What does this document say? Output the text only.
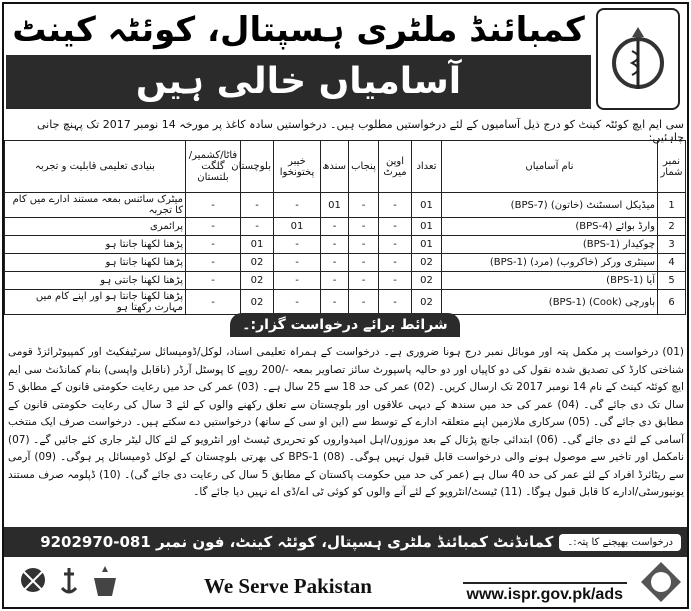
کمبائنڈ ملٹری ہسپتال، کوئٹہ کینٹ
آسامیاں خالی ہیں
سی ایم ایچ کوئٹہ کینٹ کو درج ذیل آسامیوں کے لئے درخواستیں مطلوب ہیں۔ درخواستیں سادہ کاغذ پر مورخہ 14 نومبر 2017 تک پہنچ جانی چاہئیں:۔
نمبر شمار	نام آسامیاں	تعداد	اوپن میرٹ	پنجاب	سندھ	خیبر پختونخوا	بلوچستان	فاٹا/کشمیر/ گلگت بلتستان	بنیادی تعلیمی قابلیت و تجربہ
1	میڈیکل اسسٹنٹ (خاتون) (BPS-7)	01	-	-	01	-	-	-	میٹرک سائنس بمعہ مستند ادارے میں کام کا تجربہ
2	وارڈ بوائے (BPS-4)	01	-	-	-	01	-	-	پرائمری
3	چوکیدار (BPS-1)	01	-	-	-	-	01	-	پڑھنا لکھنا جانتا ہو
4	سینٹری ورکر (خاکروب) (مرد) (BPS-1)	02	-	-	-	-	02	-	پڑھنا لکھنا جانتا ہو
5	آیا (BPS-1)	02	-	-	-	-	02	-	پڑھنا لکھنا جانتی ہو
6	باورچی (Cook) (BPS-1)	02	-	-	-	-	02	-	پڑھنا لکھنا جانتا ہو اور اپنے کام میں مہارت رکھتا ہو
شرائط برائے درخواست گزار:۔
(01) درخواست پر مکمل پتہ اور موبائل نمبر درج ہونا ضروری ہے۔ درخواست کے ہمراہ تعلیمی اسناد، لوکل/ڈومیسائل سرٹیفکیٹ اور کمپیوٹرائزڈ قومی شناختی کارڈ کی تصدیق شدہ نقول کی دو کاپیاں اور دو حالیہ پاسپورٹ سائز تصاویر بمعہ -/200 روپے کا پوسٹل آرڈر (ناقابل واپسی) بنام کمانڈنٹ سی ایم ایچ کوئٹہ کینٹ کے نام 14 نومبر 2017 تک ارسال کریں۔ (02) عمر کی حد 18 سے 25 سال ہے۔ (03) عمر کی حد میں رعایت حکومتی قانون کے مطابق 5 سال تک دی جائے گی۔ (04) عمر کی حد میں سندھ کے دیہی علاقوں اور بلوچستان سے تعلق رکھنے والوں کے لئے 3 سال کی رعایت حکومتی قانون کے مطابق دی جائے گی۔ (05) سرکاری ملازمین اپنے متعلقہ ادارے کے توسط سے (این او سی کے ساتھ) درخواستیں دے سکتے ہیں۔ درخواست صرف ایک منتخب آسامی کے لئے دی جائے گی۔ (06) ابتدائی جانچ پڑتال کے بعد موزوں/اہل امیدواروں کو تحریری ٹیسٹ اور انٹرویو کے لئے کال لیٹر جاری کئے جائیں گے۔ (07) نامکمل اور تاخیر سے موصول ہونے والی درخواست قابل قبول نہیں ہوگی۔ (08) BPS-1 کی بھرتی بلوچستان کے لوکل ڈومیسائل پر ہوگی۔ (09) آرمی سے ریٹائرڈ افراد کے لئے عمر کی حد 40 سال ہے (عمر کی حد میں حکومت پاکستان کے مطابق 5 سال کی رعایت دی جائے گی)۔ (10) ڈپلومہ صرف مستند یونیورسٹی/ادارے کا قابل قبول ہوگا۔ (11) ٹیسٹ/انٹرویو کے لئے آنے والوں کو کوئی ٹی اے/ڈی اے نہیں دیا جائے گا۔
درخواست بھیجنے کا پتہ:۔
کمانڈنٹ کمبائنڈ ملٹری ہسپتال، کوئٹہ کینٹ، فون نمبر 081-9202970
We Serve Pakistan	www.ispr.gov.pk/ads
